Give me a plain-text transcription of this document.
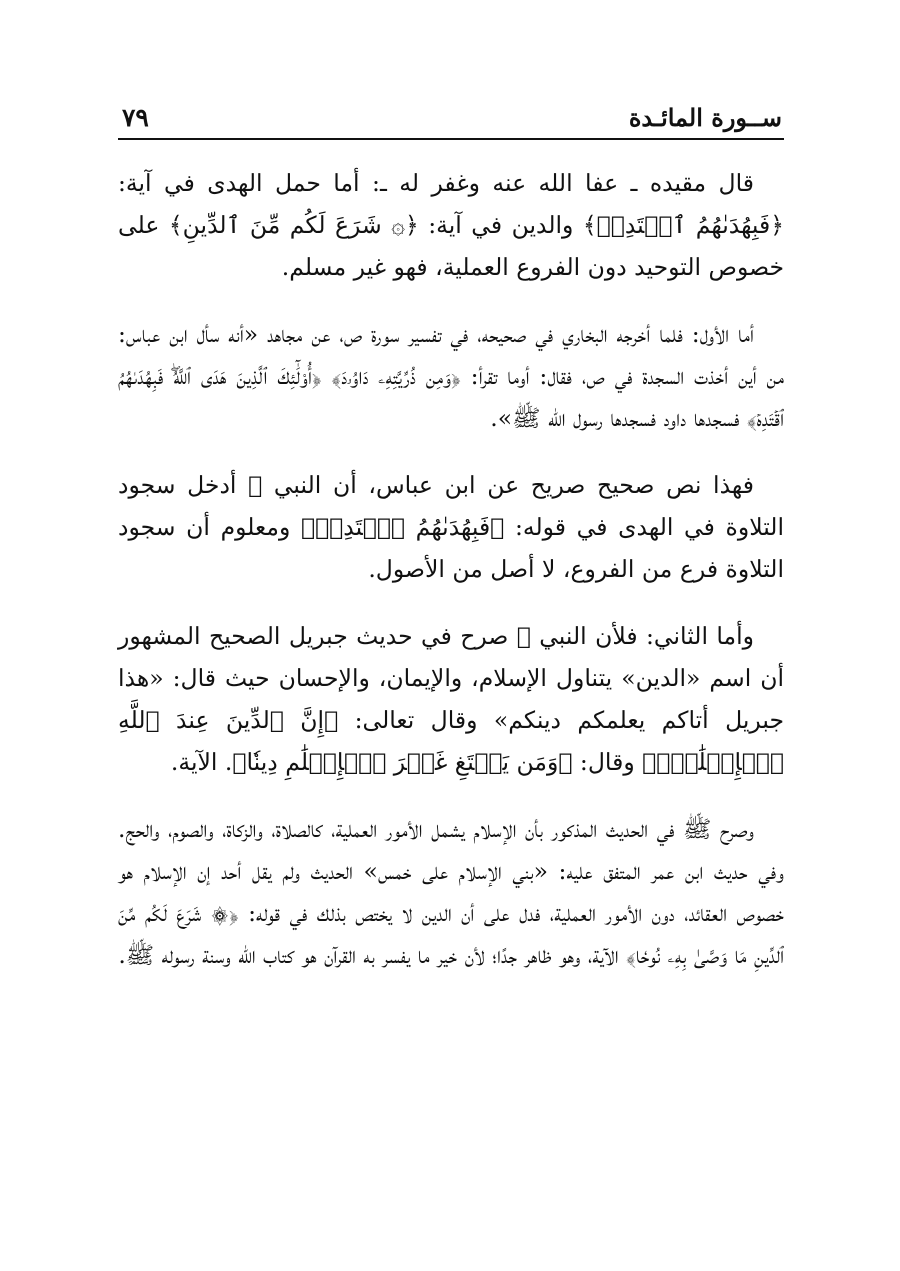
ســورة المائـدة
٧٩

قال مقيده ـ عفا الله عنه وغفر له ـ: أما حمل الهدى في آية: ﴿فَبِهُدَىٰهُمُ ٱقۡتَدِهۡ﴾ والدين في آية: ﴿۞ شَرَعَ لَكُم مِّنَ ٱلدِّينِ﴾ على خصوص التوحيد دون الفروع العملية، فهو غير مسلم.

أما الأول: فلما أخرجه البخاري في صحيحه، في تفسير سورة ص، عن مجاهد «أنه سأل ابن عباس: من أين أخذت السجدة في ص، فقال: أوما تقرأ: ﴿وَمِن ذُرِّيَّتِهِۦ دَاوُۥدَ﴾ ﴿أُوْلَٰٓئِكَ ٱلَّذِينَ هَدَى ٱللَّهُۖ فَبِهُدَىٰهُمُ ٱقۡتَدِهۡ﴾ فسجدها داود فسجدها رسول الله ﷺ».

فهذا نص صحيح صريح عن ابن عباس، أن النبي ﷺ أدخل سجود التلاوة في الهدى في قوله: ﴿فَبِهُدَىٰهُمُ ٱقۡتَدِهۡ﴾ ومعلوم أن سجود التلاوة فرع من الفروع، لا أصل من الأصول.

وأما الثاني: فلأن النبي ﷺ صرح في حديث جبريل الصحيح المشهور أن اسم «الدين» يتناول الإسلام، والإيمان، والإحسان حيث قال: «هذا جبريل أتاكم يعلمكم دينكم» وقال تعالى: ﴿إِنَّ ٱلدِّينَ عِندَ ٱللَّهِ ٱلۡإِسۡلَٰمُۗ﴾ وقال: ﴿وَمَن يَبۡتَغِ غَيۡرَ ٱلۡإِسۡلَٰمِ دِينٗا﴾. الآية.

وصرح ﷺ في الحديث المذكور بأن الإسلام يشمل الأمور العملية، كالصلاة، والزكاة، والصوم، والحج. وفي حديث ابن عمر المتفق عليه: «بني الإسلام على خمس» الحديث ولم يقل أحد إن الإسلام هو خصوص العقائد، دون الأمور العملية، فدل على أن الدين لا يختص بذلك في قوله: ﴿۞ شَرَعَ لَكُم مِّنَ ٱلدِّينِ مَا وَصَّىٰ بِهِۦ نُوحٗا﴾ الآية، وهو ظاهر جدًا؛ لأن خير ما يفسر به القرآن هو كتاب الله وسنة رسوله ﷺ.
